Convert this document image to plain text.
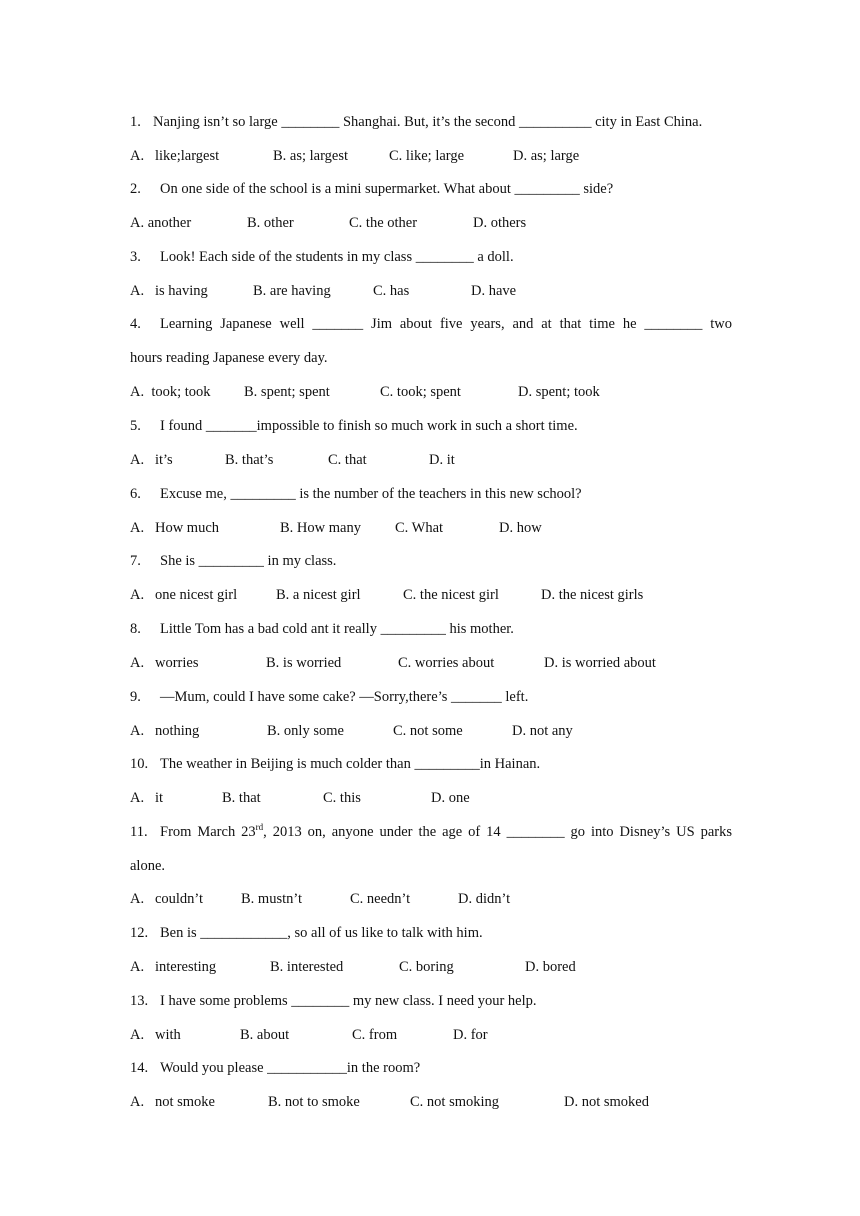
1. Nanjing isn’t so large ________ Shanghai. But, it’s the second __________ city in East China.
A.   like;largest	B. as; largest	C. like; large	D. as; large
2. On one side of the school is a mini supermarket. What about _________ side?
A. another	B. other	C. the other	D. others
3. Look! Each side of the students in my class ________ a doll.
A.   is having	B. are having	C. has	D. have
4. Learning Japanese well _______ Jim about five years, and at that time he ________ two
hours reading Japanese every day.
A.  took; took B. spent; spent	C. took; spent	D. spent; took
5. I found _______impossible to finish so much work in such a short time.
A.   it’s	B. that’s	C. that	D. it
6. Excuse me, _________ is the number of the teachers in this new school?
A.   How much	B. How many C. What	D. how
7. She is _________ in my class.
A.   one nicest girl	B. a nicest girl	C. the nicest girl	D. the nicest girls
8. Little Tom has a bad cold ant it really _________ his mother.
A.   worries	B. is worried	C. worries about	D. is worried about
9. —Mum, could I have some cake? —Sorry,there’s _______ left.
A.   nothing	B. only some	C. not some	D. not any
10. The weather in Beijing is much colder than _________in Hainan.
A.   it	B. that	C. this	D. one
11. From March 23rd, 2013 on, anyone under the age of 14 ________ go into Disney’s US parks
alone.
A.   couldn’t	B. mustn’t	C. needn’t	D. didn’t
12. Ben is ____________, so all of us like to talk with him.
A.   interesting	B. interested	C. boring	D. bored
13. I have some problems ________ my new class. I need your help.
A.   with	B. about	C. from	D. for
14. Would you please ___________in the room?
A.   not smoke	B. not to smoke	C. not smoking	D. not smoked
